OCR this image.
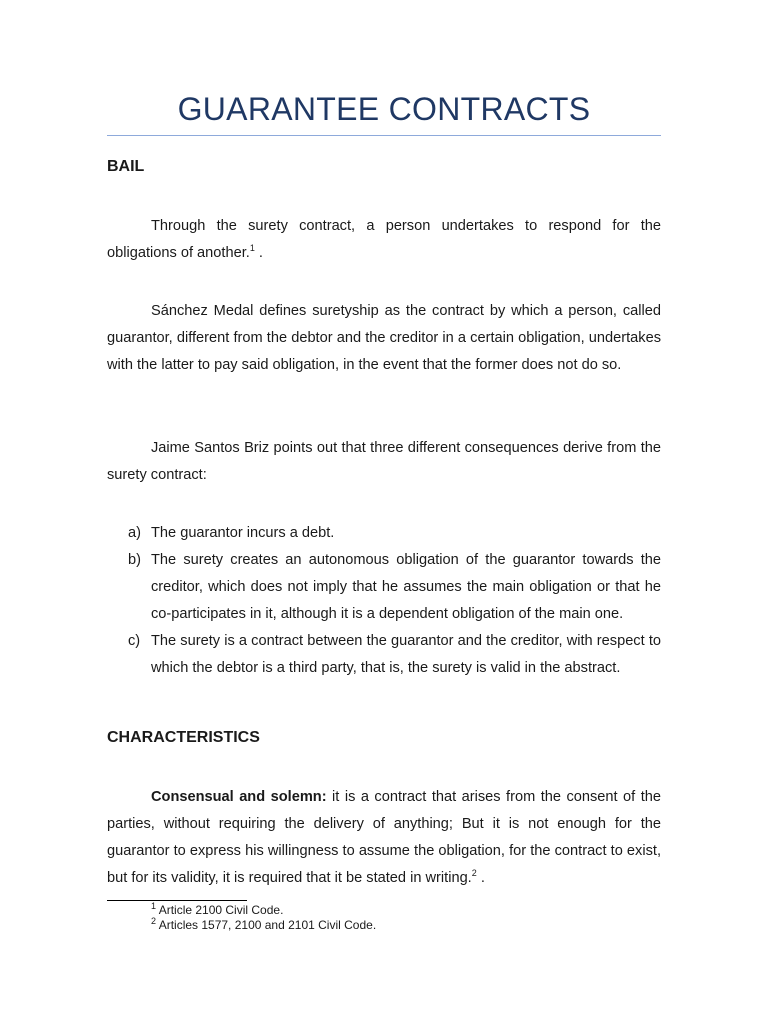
GUARANTEE CONTRACTS
BAIL

Through the surety contract, a person undertakes to respond for the obligations of another.$^1$ .

Sánchez Medal defines suretyship as the contract by which a person, called guarantor, different from the debtor and the creditor in a certain obligation, undertakes with the latter to pay said obligation, in the event that the former does not do so.

Jaime Santos Briz points out that three different consequences derive from the surety contract:

a) The guarantor incurs a debt.
b) The surety creates an autonomous obligation of the guarantor towards the creditor, which does not imply that he assumes the main obligation or that he co-participates in it, although it is a dependent obligation of the main one.
c) The surety is a contract between the guarantor and the creditor, with respect to which the debtor is a third party, that is, the surety is valid in the abstract.
CHARACTERISTICS

Consensual and solemn: it is a contract that arises from the consent of the parties, without requiring the delivery of anything; But it is not enough for the guarantor to express his willingness to assume the obligation, for the contract to exist, but for its validity, it is required that it be stated in writing.$^2$ .

$^1$ Article 2100 Civil Code.

$^2$ Articles 1577, 2100 and 2101 Civil Code.
